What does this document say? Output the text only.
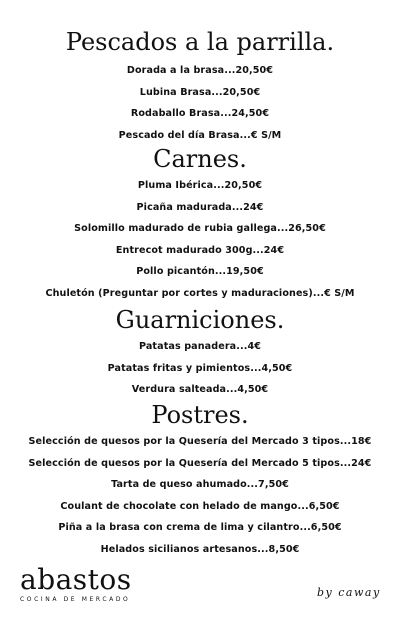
Pescados a la parrilla.
Dorada a la brasa...20,50€
Lubina Brasa...20,50€
Rodaballo Brasa...24,50€
Pescado del día Brasa...€ S/M
Carnes.
Pluma Ibérica...20,50€
Picaña madurada...24€
Solomillo madurado de rubia gallega...26,50€
Entrecot madurado 300g...24€
Pollo picantón...19,50€
Chuletón (Preguntar por cortes y maduraciones)...€ S/M
Guarniciones.
Patatas panadera...4€
Patatas fritas y pimientos...4,50€
Verdura salteada...4,50€
Postres.
Selección de quesos por la Quesería del Mercado 3 tipos...18€
Selección de quesos por la Quesería del Mercado 5 tipos...24€
Tarta de queso ahumado...7,50€
Coulant de chocolate con helado de mango...6,50€
Piña a la brasa con crema de lima y cilantro...6,50€
Helados sicilianos artesanos...8,50€
abastos
COCINA DE MERCADO
by caway
